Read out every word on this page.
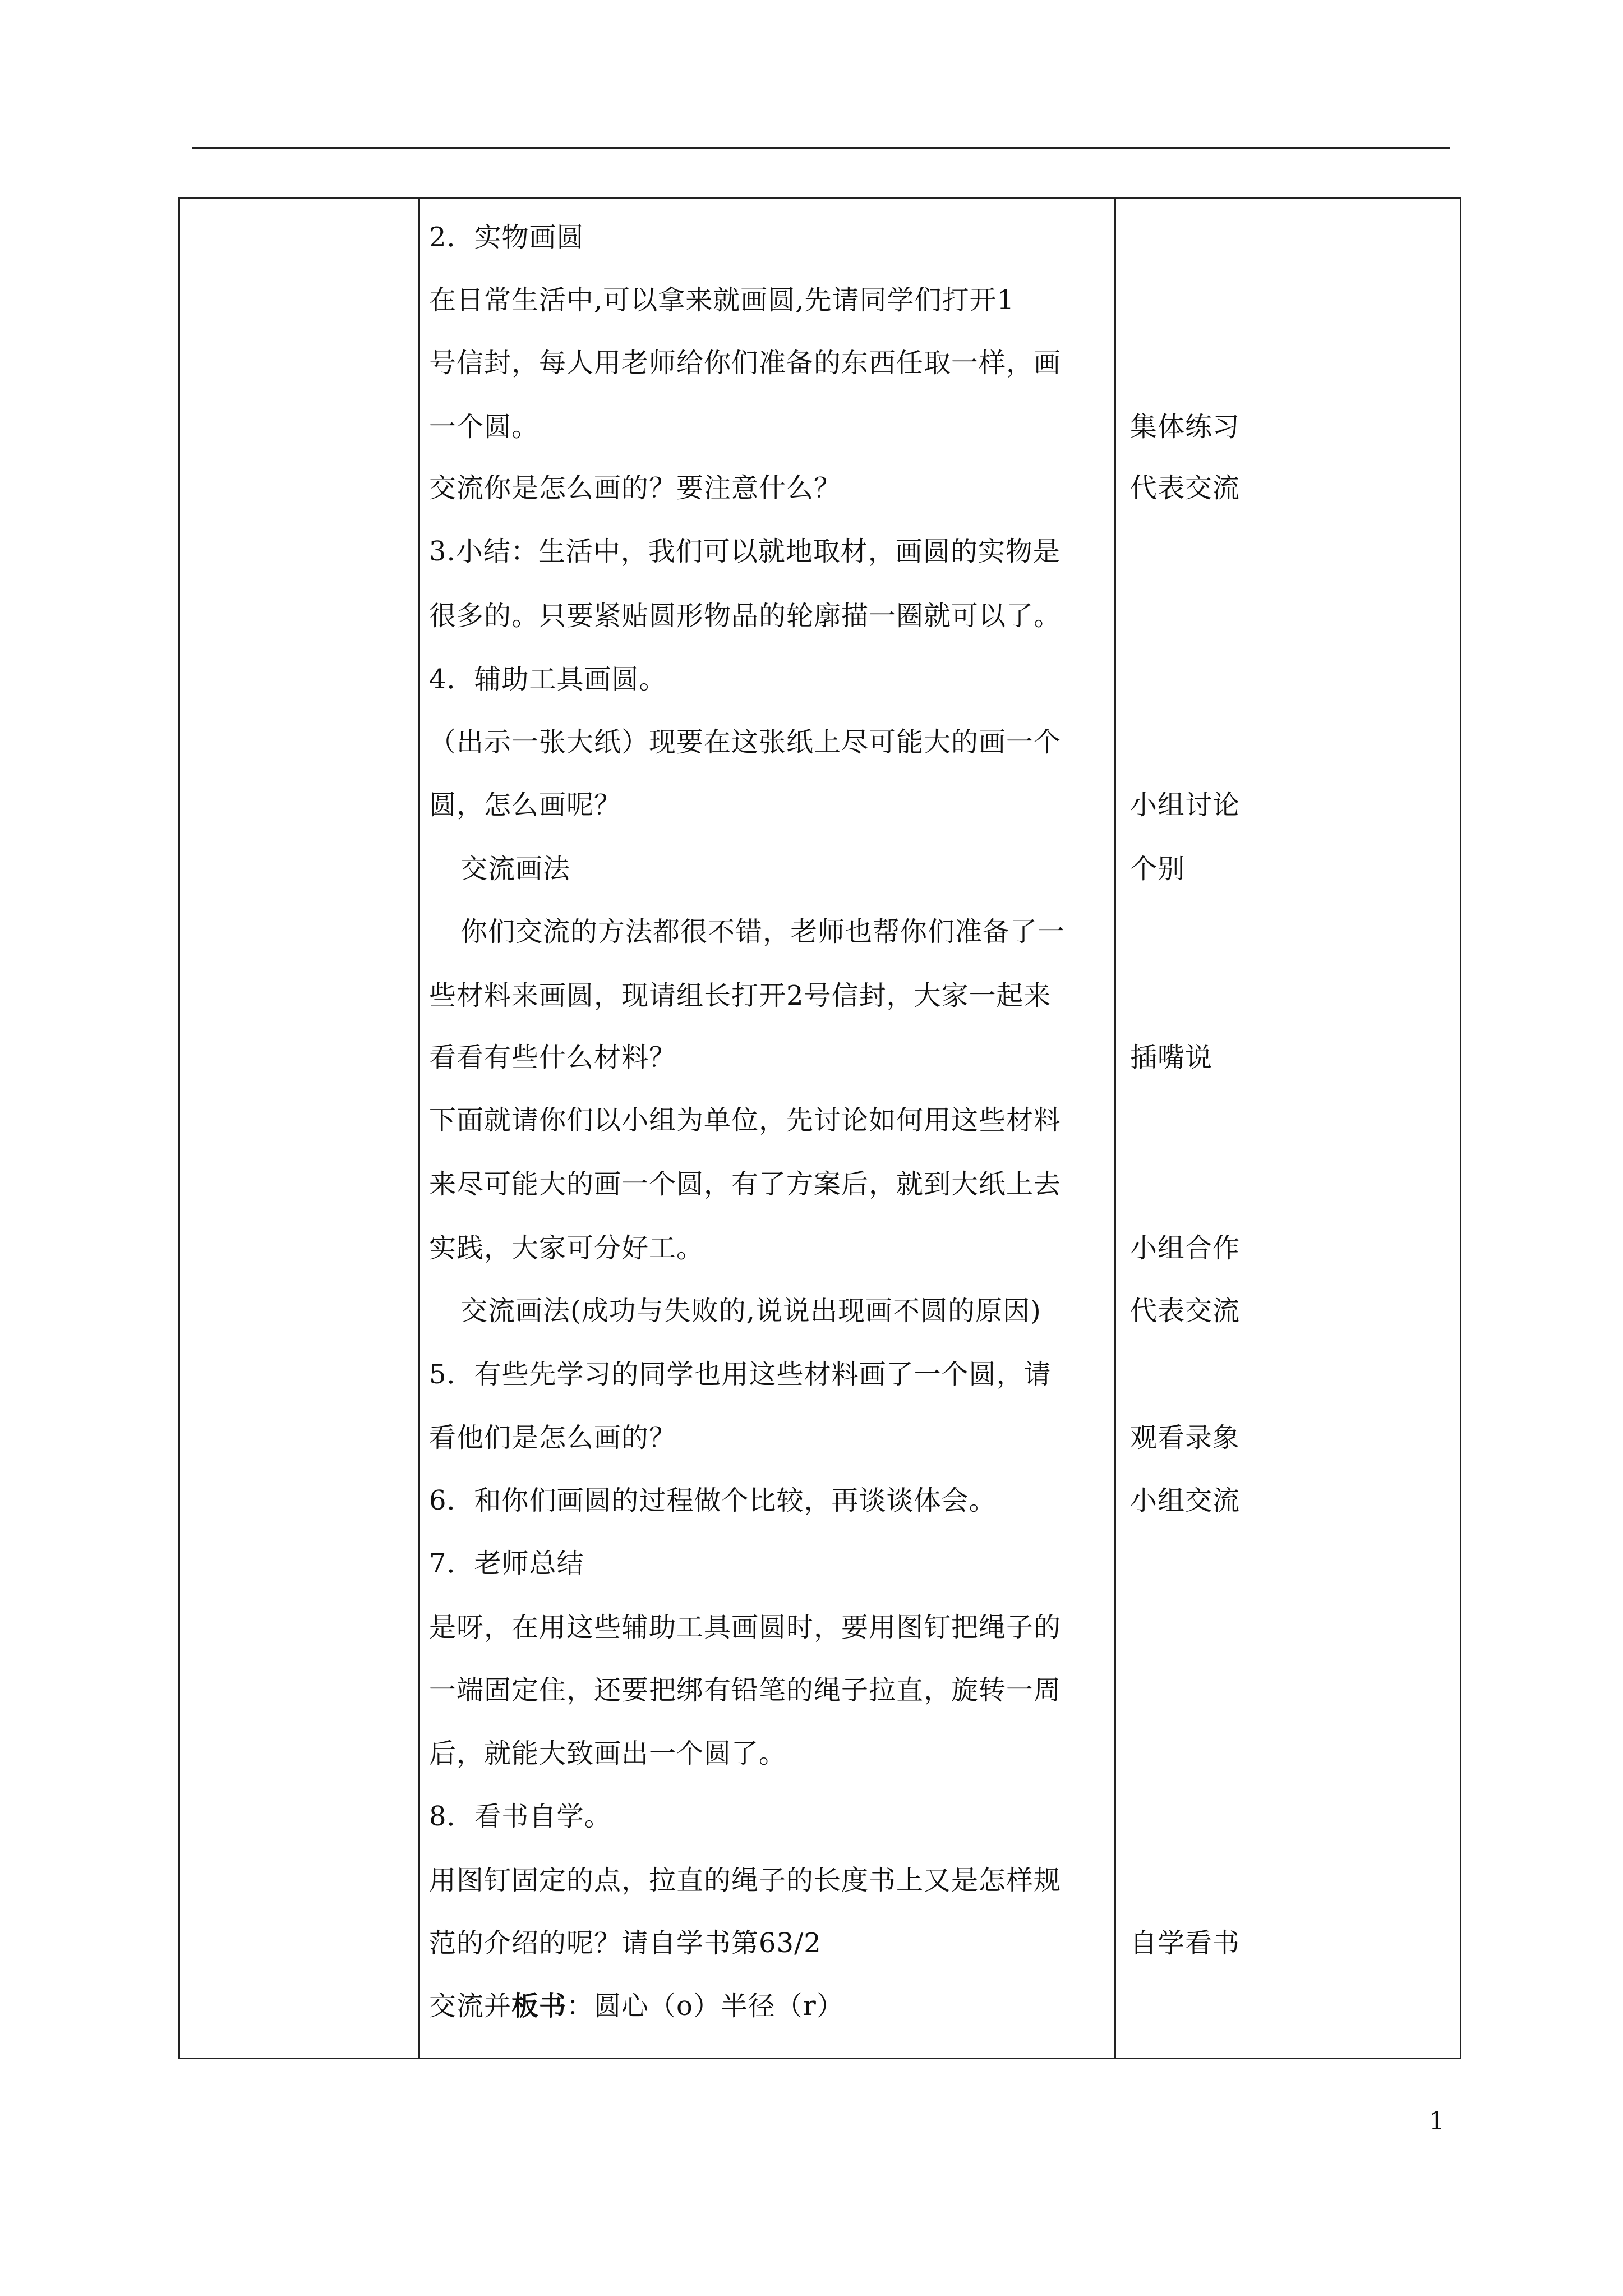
2．实物画圆
在日常生活中,可以拿来就画圆,先请同学们打开1
号信封，每人用老师给你们准备的东西任取一样，画
一个圆。
交流你是怎么画的？要注意什么？
3.小结：生活中，我们可以就地取材，画圆的实物是
很多的。只要紧贴圆形物品的轮廓描一圈就可以了。
4．辅助工具画圆。
（出示一张大纸）现要在这张纸上尽可能大的画一个
圆，怎么画呢？
交流画法
你们交流的方法都很不错，老师也帮你们准备了一
些材料来画圆，现请组长打开2号信封，大家一起来
看看有些什么材料？
下面就请你们以小组为单位，先讨论如何用这些材料
来尽可能大的画一个圆，有了方案后，就到大纸上去
实践，大家可分好工。
交流画法(成功与失败的,说说出现画不圆的原因)
5．有些先学习的同学也用这些材料画了一个圆，请
看他们是怎么画的？
6．和你们画圆的过程做个比较，再谈谈体会。
7．老师总结
是呀，在用这些辅助工具画圆时，要用图钉把绳子的
一端固定住，还要把绑有铅笔的绳子拉直，旋转一周
后，就能大致画出一个圆了。
8．看书自学。
用图钉固定的点，拉直的绳子的长度书上又是怎样规
范的介绍的呢？请自学书第63/2
交流并板书：圆心（o）半径（r）
集体练习
代表交流
小组讨论
个别
插嘴说
小组合作
代表交流
观看录象
小组交流
自学看书
1
